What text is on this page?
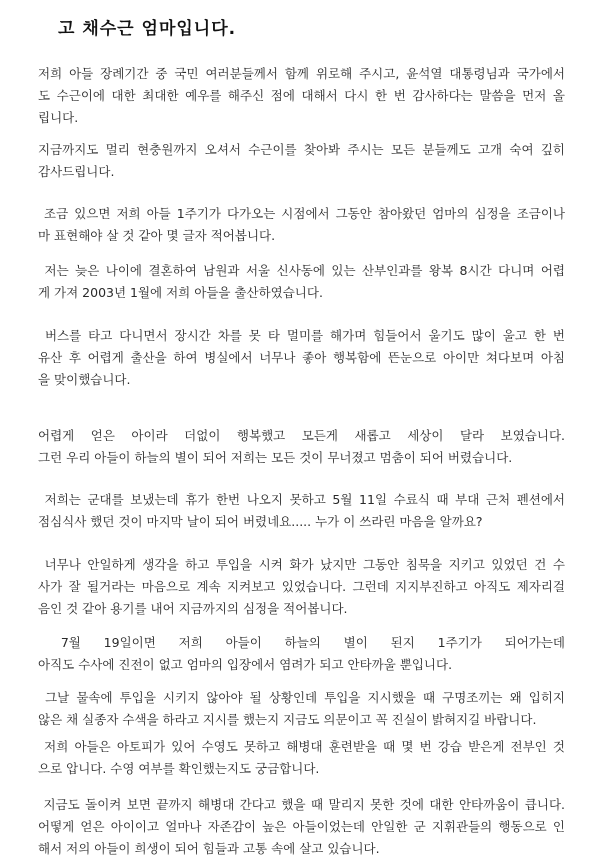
고 채수근 엄마입니다.
저희 아들 장례기간 중 국민 여러분들께서 함께 위로해 주시고, 윤석열 대통령님과 국가에서
도 수근이에 대한 최대한 예우를 해주신 점에 대해서 다시 한 번 감사하다는 말씀을 먼저 올
립니다.
지금까지도 멀리 현충원까지 오셔서 수근이를 찾아봐 주시는 모든 분들께도 고개 숙여 깊히
감사드립니다.
조금 있으면 저희 아들 1주기가 다가오는 시점에서 그동안 참아왔던 엄마의 심정을 조금이나
마 표현해야 살 것 같아 몇 글자 적어봅니다.
저는 늦은 나이에 결혼하여 남원과 서울 신사동에 있는 산부인과를 왕복 8시간 다니며 어렵
게 가져 2003년 1월에 저희 아들을 출산하였습니다.
버스를 타고 다니면서 장시간 차를 못 타 멀미를 해가며 힘들어서 울기도 많이 울고 한 번
유산 후 어렵게 출산을 하여 병실에서 너무나 좋아 행복함에 뜬눈으로 아이만 쳐다보며 아침
을 맞이했습니다.
어렵게 얻은 아이라 더없이 행복했고 모든게 새롭고 세상이 달라 보였습니다.
그런 우리 아들이 하늘의 별이 되어 저희는 모든 것이 무너졌고 멈춤이 되어 버렸습니다.
저희는 군대를 보냈는데 휴가 한번 나오지 못하고 5월 11일 수료식 때 부대 근처 펜션에서
점심식사 했던 것이 마지막 날이 되어 버렸네요..... 누가 이 쓰라린 마음을 알까요?
너무나 안일하게 생각을 하고 투입을 시켜 화가 났지만 그동안 침묵을 지키고 있었던 건 수
사가 잘 될거라는 마음으로 계속 지켜보고 있었습니다. 그런데 지지부진하고 아직도 제자리걸
음인 것 같아 용기를 내어 지금까지의 심정을 적어봅니다.
7월 19일이면 저희 아들이 하늘의 별이 된지 1주기가 되어가는데
아직도 수사에 진전이 없고 엄마의 입장에서 염려가 되고 안타까울 뿐입니다.
그날 물속에 투입을 시키지 않아야 될 상황인데 투입을 지시했을 때 구명조끼는 왜 입히지
않은 채 실종자 수색을 하라고 지시를 했는지 지금도 의문이고 꼭 진실이 밝혀지길 바랍니다.
저희 아들은 아토피가 있어 수영도 못하고 해병대 훈련받을 때 몇 번 강습 받은게 전부인 것
으로 압니다. 수영 여부를 확인했는지도 궁금합니다.
지금도 돌이켜 보면 끝까지 해병대 간다고 했을 때 말리지 못한 것에 대한 안타까움이 큽니다.
어떻게 얻은 아이이고 얼마나 자존감이 높은 아들이었는데 안일한 군 지휘관들의 행동으로 인
해서 저의 아들이 희생이 되어 힘들과 고통 속에 살고 있습니다.
